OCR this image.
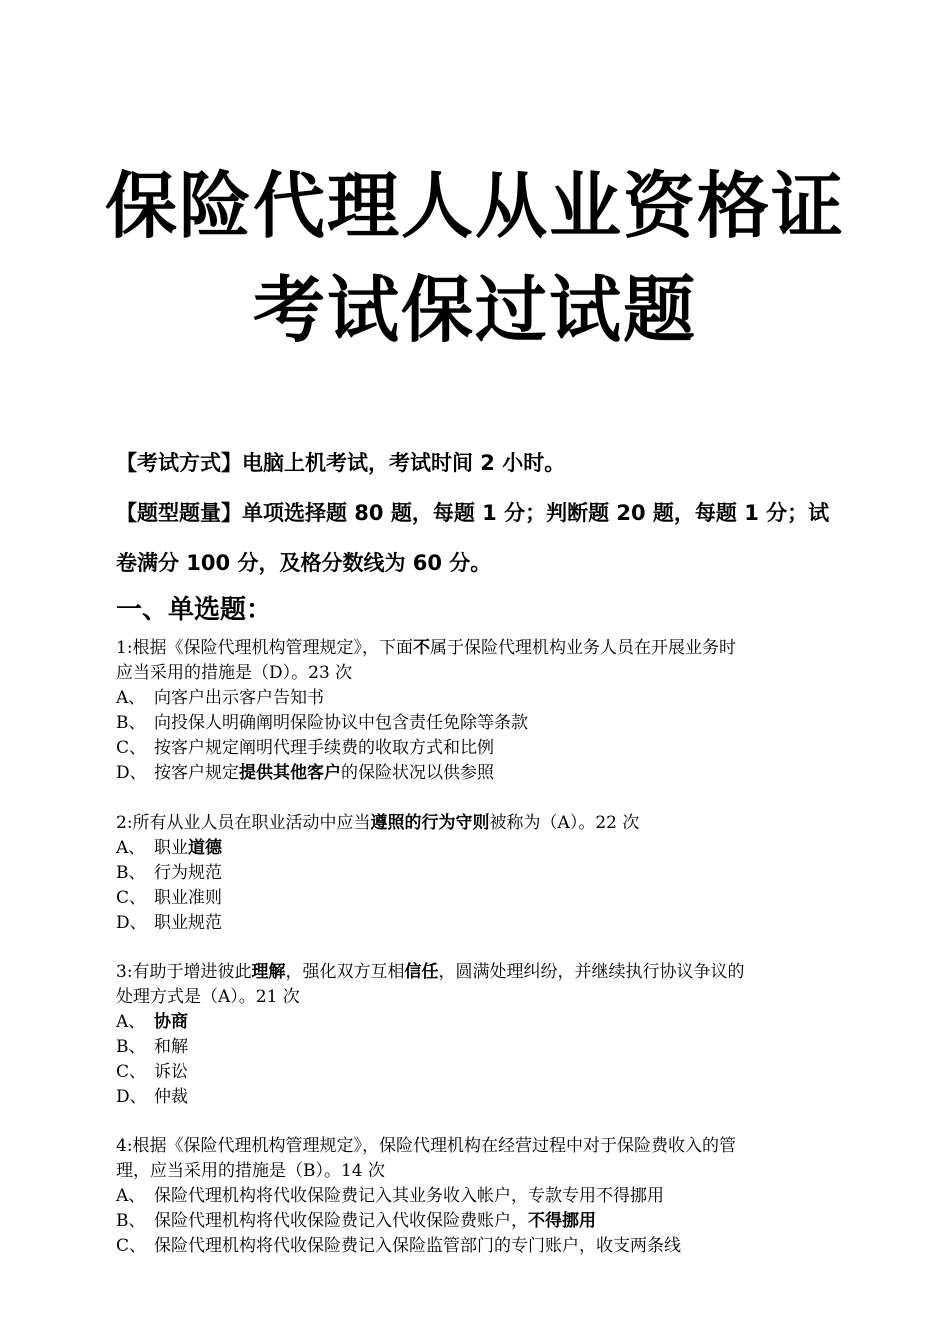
保险代理人从业资格证
考试保过试题
【考试方式】电脑上机考试，考试时间 2 小时。
【题型题量】单项选择题 80 题，每题 1 分；判断题 20 题，每题 1 分；试
卷满分 100 分，及格分数线为 60 分。
一、单选题：
1:根据《保险代理机构管理规定》，下面不属于保险代理机构业务人员在开展业务时
应当采用的措施是（D）。23 次
A、 向客户出示客户告知书
B、 向投保人明确阐明保险协议中包含责任免除等条款
C、 按客户规定阐明代理手续费的收取方式和比例
D、 按客户规定提供其他客户的保险状况以供参照
2:所有从业人员在职业活动中应当遵照的行为守则被称为（A）。22 次
A、 职业道德
B、 行为规范
C、 职业准则
D、 职业规范
3:有助于增进彼此理解，强化双方互相信任，圆满处理纠纷，并继续执行协议争议的
处理方式是（A）。21 次
A、 协商
B、 和解
C、 诉讼
D、 仲裁
4:根据《保险代理机构管理规定》，保险代理机构在经营过程中对于保险费收入的管
理，应当采用的措施是（B）。14 次
A、 保险代理机构将代收保险费记入其业务收入帐户，专款专用不得挪用
B、 保险代理机构将代收保险费记入代收保险费账户，不得挪用
C、 保险代理机构将代收保险费记入保险监管部门的专门账户，收支两条线
